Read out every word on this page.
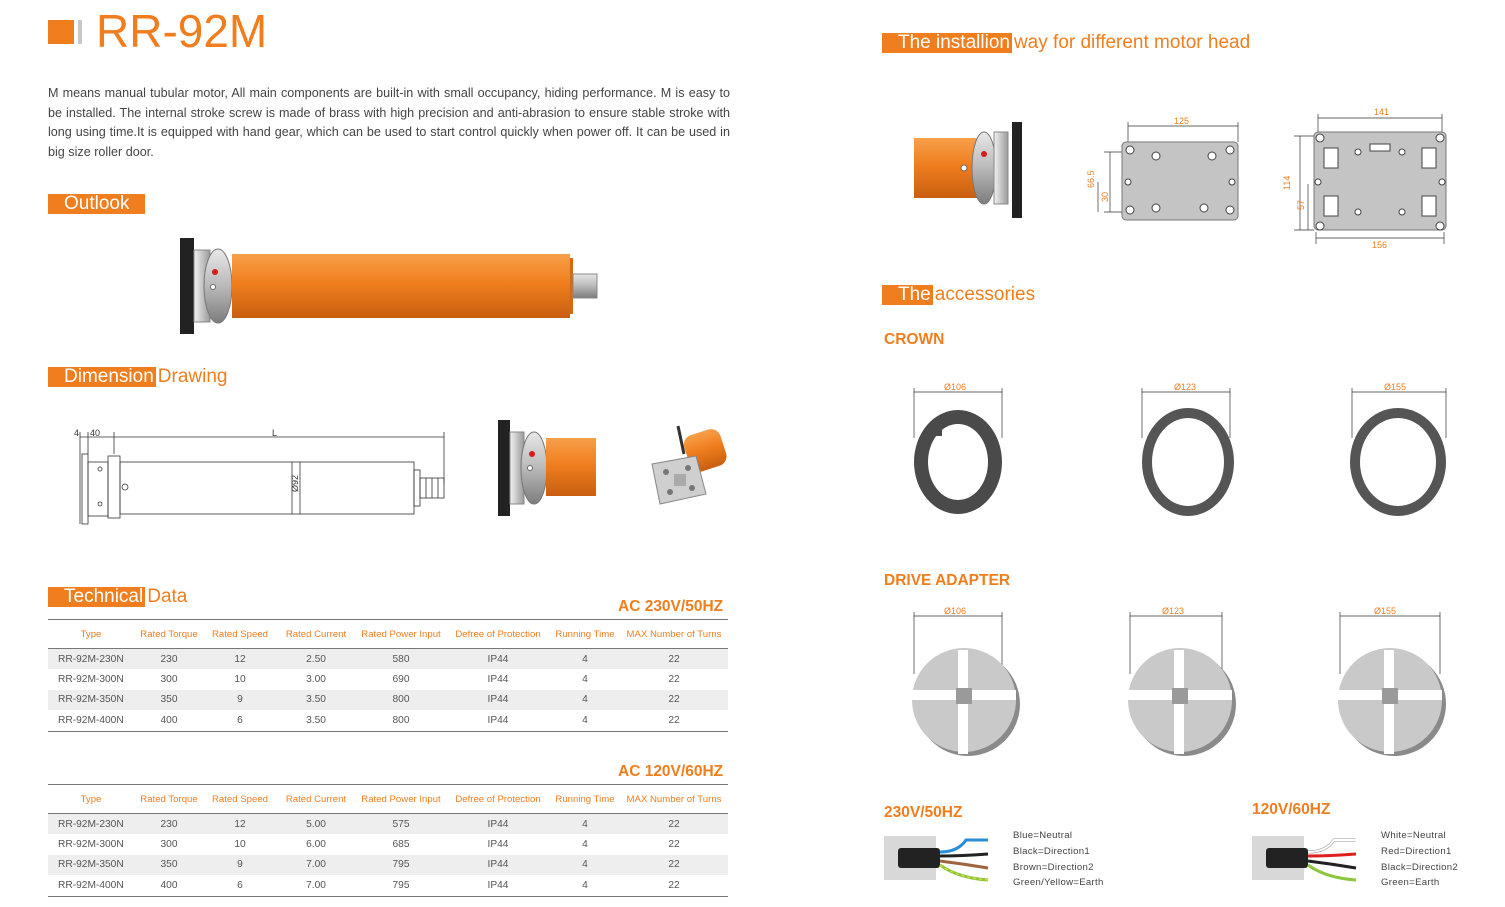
RR-92M
M means manual tubular motor, All main components are built-in with small occupancy, hiding performance. M is easy to be installed. The internal stroke screw is made of brass with high precision and anti-abrasion to ensure stable stroke with long using time.It is equipped with hand gear, which can be used to start control quickly when power off. It can be used in big size roller door.
Outlook
Dimension Drawing
4 40	L
Ø92
Technical Data	AC 230V/50HZ
Type	Rated Torque	Rated Speed	Rated Current	Rated Power Input	Defree of Protection	Running Time	MAX Number of Turns
RR-92M-230N	230	12	2.50	580	IP44	4	22
RR-92M-300N	300	10	3.00	690	IP44	4	22
RR-92M-350N	350	9	3.50	800	IP44	4	22
RR-92M-400N	400	6	3.50	800	IP44	4	22
AC 120V/60HZ
Type	Rated Torque	Rated Speed	Rated Current	Rated Power Input	Defree of Protection	Running Time	MAX Number of Turns
RR-92M-230N	230	12	5.00	575	IP44	4	22
RR-92M-300N	300	10	6.00	685	IP44	4	22
RR-92M-350N	350	9	7.00	795	IP44	4	22
RR-92M-400N	400	6	7.00	795	IP44	4	22
The installion way for different motor head
125
66.5
30
141
156
114
57
The accessories
CROWN
Ø106	Ø123	Ø155
DRIVE ADAPTER
Ø106	Ø123	Ø155
230V/50HZ
Blue=Neutral
Black=Direction1
Brown=Direction2
Green/Yellow=Earth
120V/60HZ
White=Neutral
Red=Direction1
Black=Direction2
Green=Earth
